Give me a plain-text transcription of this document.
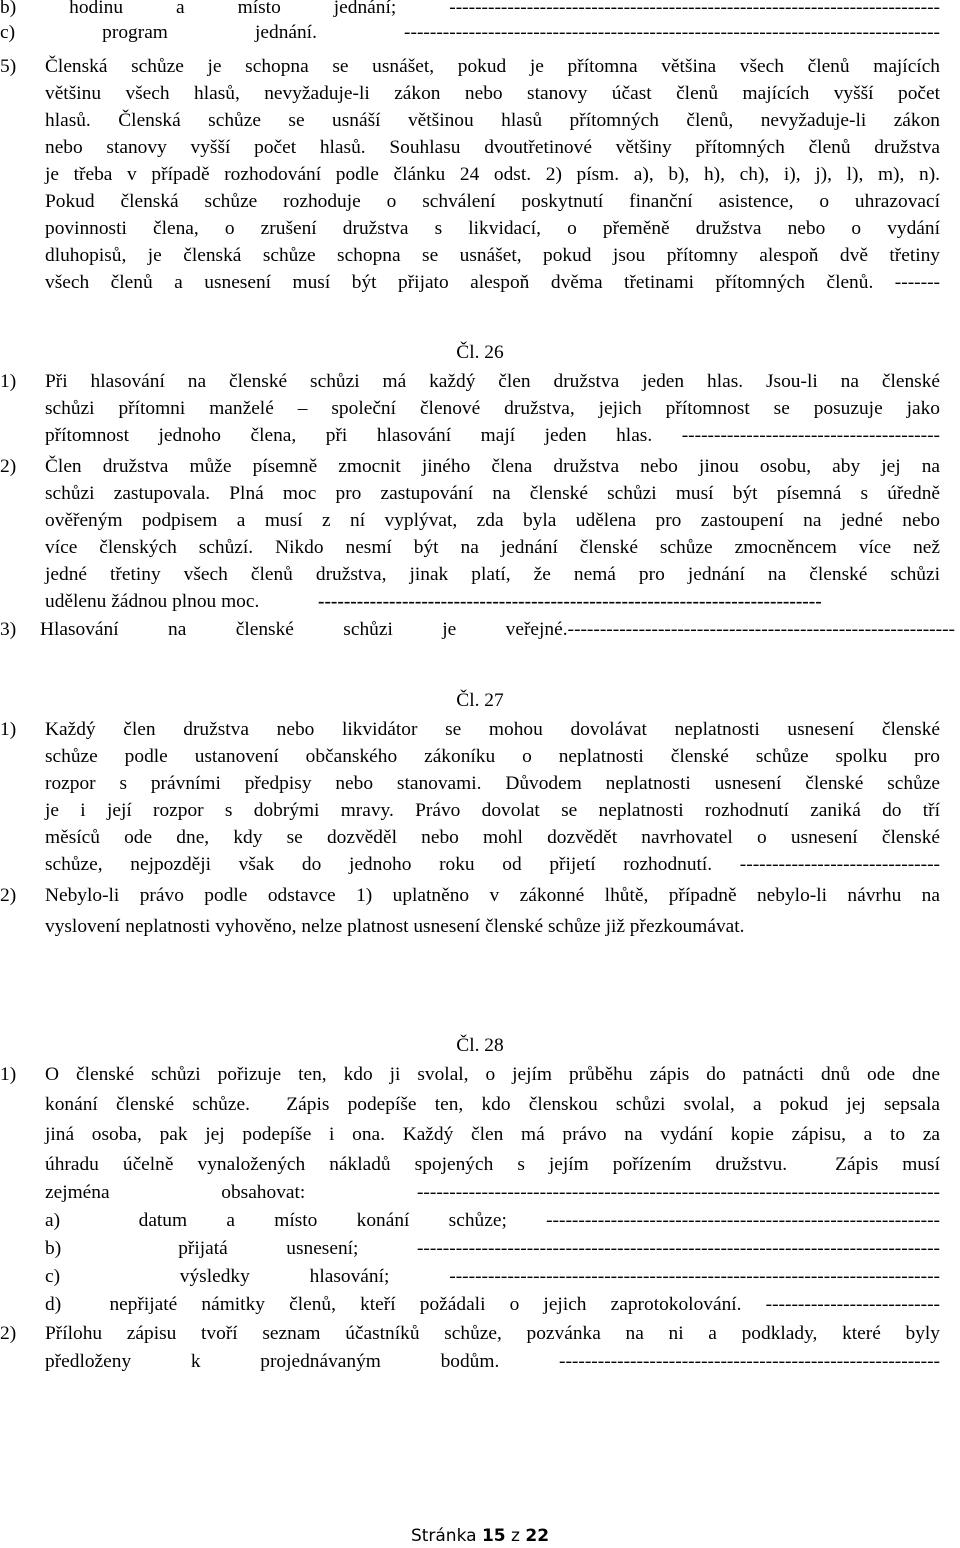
b) hodinu a místo jednání; ----------------------------------------------------------------------------
c) program jednání. -----------------------------------------------------------------------------------
5) Členská schůze je schopna se usnášet, pokud je přítomna většina všech členů majících
většinu všech hlasů, nevyžaduje-li zákon nebo stanovy účast členů majících vyšší počet
hlasů. Členská schůze se usnáší většinou hlasů přítomných členů, nevyžaduje-li zákon
nebo stanovy vyšší počet hlasů. Souhlasu dvoutřetinové většiny přítomných členů družstva
je třeba v případě rozhodování podle článku 24 odst. 2) písm. a), b), h), ch), i), j), l), m), n).
Pokud členská schůze rozhoduje o schválení poskytnutí finanční asistence, o uhrazovací
povinnosti člena, o zrušení družstva s likvidací, o přeměně družstva nebo o vydání
dluhopisů, je členská schůze schopna se usnášet, pokud jsou přítomny alespoň dvě třetiny
všech členů a usnesení musí být přijato alespoň dvěma třetinami přítomných členů. -------
Čl. 26
1) Při hlasování na členské schůzi má každý člen družstva jeden hlas. Jsou-li na členské
schůzi přítomni manželé – společní členové družstva, jejich přítomnost se posuzuje jako
přítomnost jednoho člena, při hlasování mají jeden hlas. ----------------------------------------
2) Člen družstva může písemně zmocnit jiného člena družstva nebo jinou osobu, aby jej na
schůzi zastupovala. Plná moc pro zastupování na členské schůzi musí být písemná s úředně
ověřeným podpisem a musí z ní vyplývat, zda byla udělena pro zastoupení na jedné nebo
více členských schůzí. Nikdo nesmí být na jednání členské schůze zmocněncem více než
jedné třetiny všech členů družstva, jinak platí, že nemá pro jednání na členské schůzi
udělenu žádnou plnou moc.	------------------------------------------------------------------------------
3) Hlasování na členské schůzi je veřejné.------------------------------------------------------------
Čl. 27
1) Každý člen družstva nebo likvidátor se mohou dovolávat neplatnosti usnesení členské
schůze podle ustanovení občanského zákoníku o neplatnosti členské schůze spolku pro
rozpor s právními předpisy nebo stanovami. Důvodem neplatnosti usnesení členské schůze
je i její rozpor s dobrými mravy. Právo dovolat se neplatnosti rozhodnutí zaniká do tří
měsíců ode dne, kdy se dozvěděl nebo mohl dozvědět navrhovatel o usnesení členské
schůze, nejpozději však do jednoho roku od přijetí rozhodnutí. -------------------------------
2) Nebylo-li právo podle odstavce 1) uplatněno v zákonné lhůtě, případně nebylo-li návrhu na
vyslovení neplatnosti vyhověno, nelze platnost usnesení členské schůze již přezkoumávat.
Čl. 28
1) O členské schůzi pořizuje ten, kdo ji svolal, o jejím průběhu zápis do patnácti dnů ode dne
konání členské schůze.  Zápis podepíše ten, kdo členskou schůzi svolal, a pokud jej sepsala
jiná osoba, pak jej podepíše i ona. Každý člen má právo na vydání kopie zápisu, a to za
úhradu účelně vynaložených nákladů spojených s jejím pořízením družstvu.  Zápis musí
zejména obsahovat: ---------------------------------------------------------------------------------
a)  datum a místo konání schůze; -------------------------------------------------------------
b)  přijatá usnesení; ---------------------------------------------------------------------------------
c)  výsledky hlasování; ----------------------------------------------------------------------------
d)  nepřijaté námitky členů, kteří požádali o jejich zaprotokolování. ---------------------------
2) Přílohu zápisu tvoří seznam účastníků schůze, pozvánka na ni a podklady, které byly
předloženy k projednávaným bodům. -----------------------------------------------------------
Stránka 15 z 22
